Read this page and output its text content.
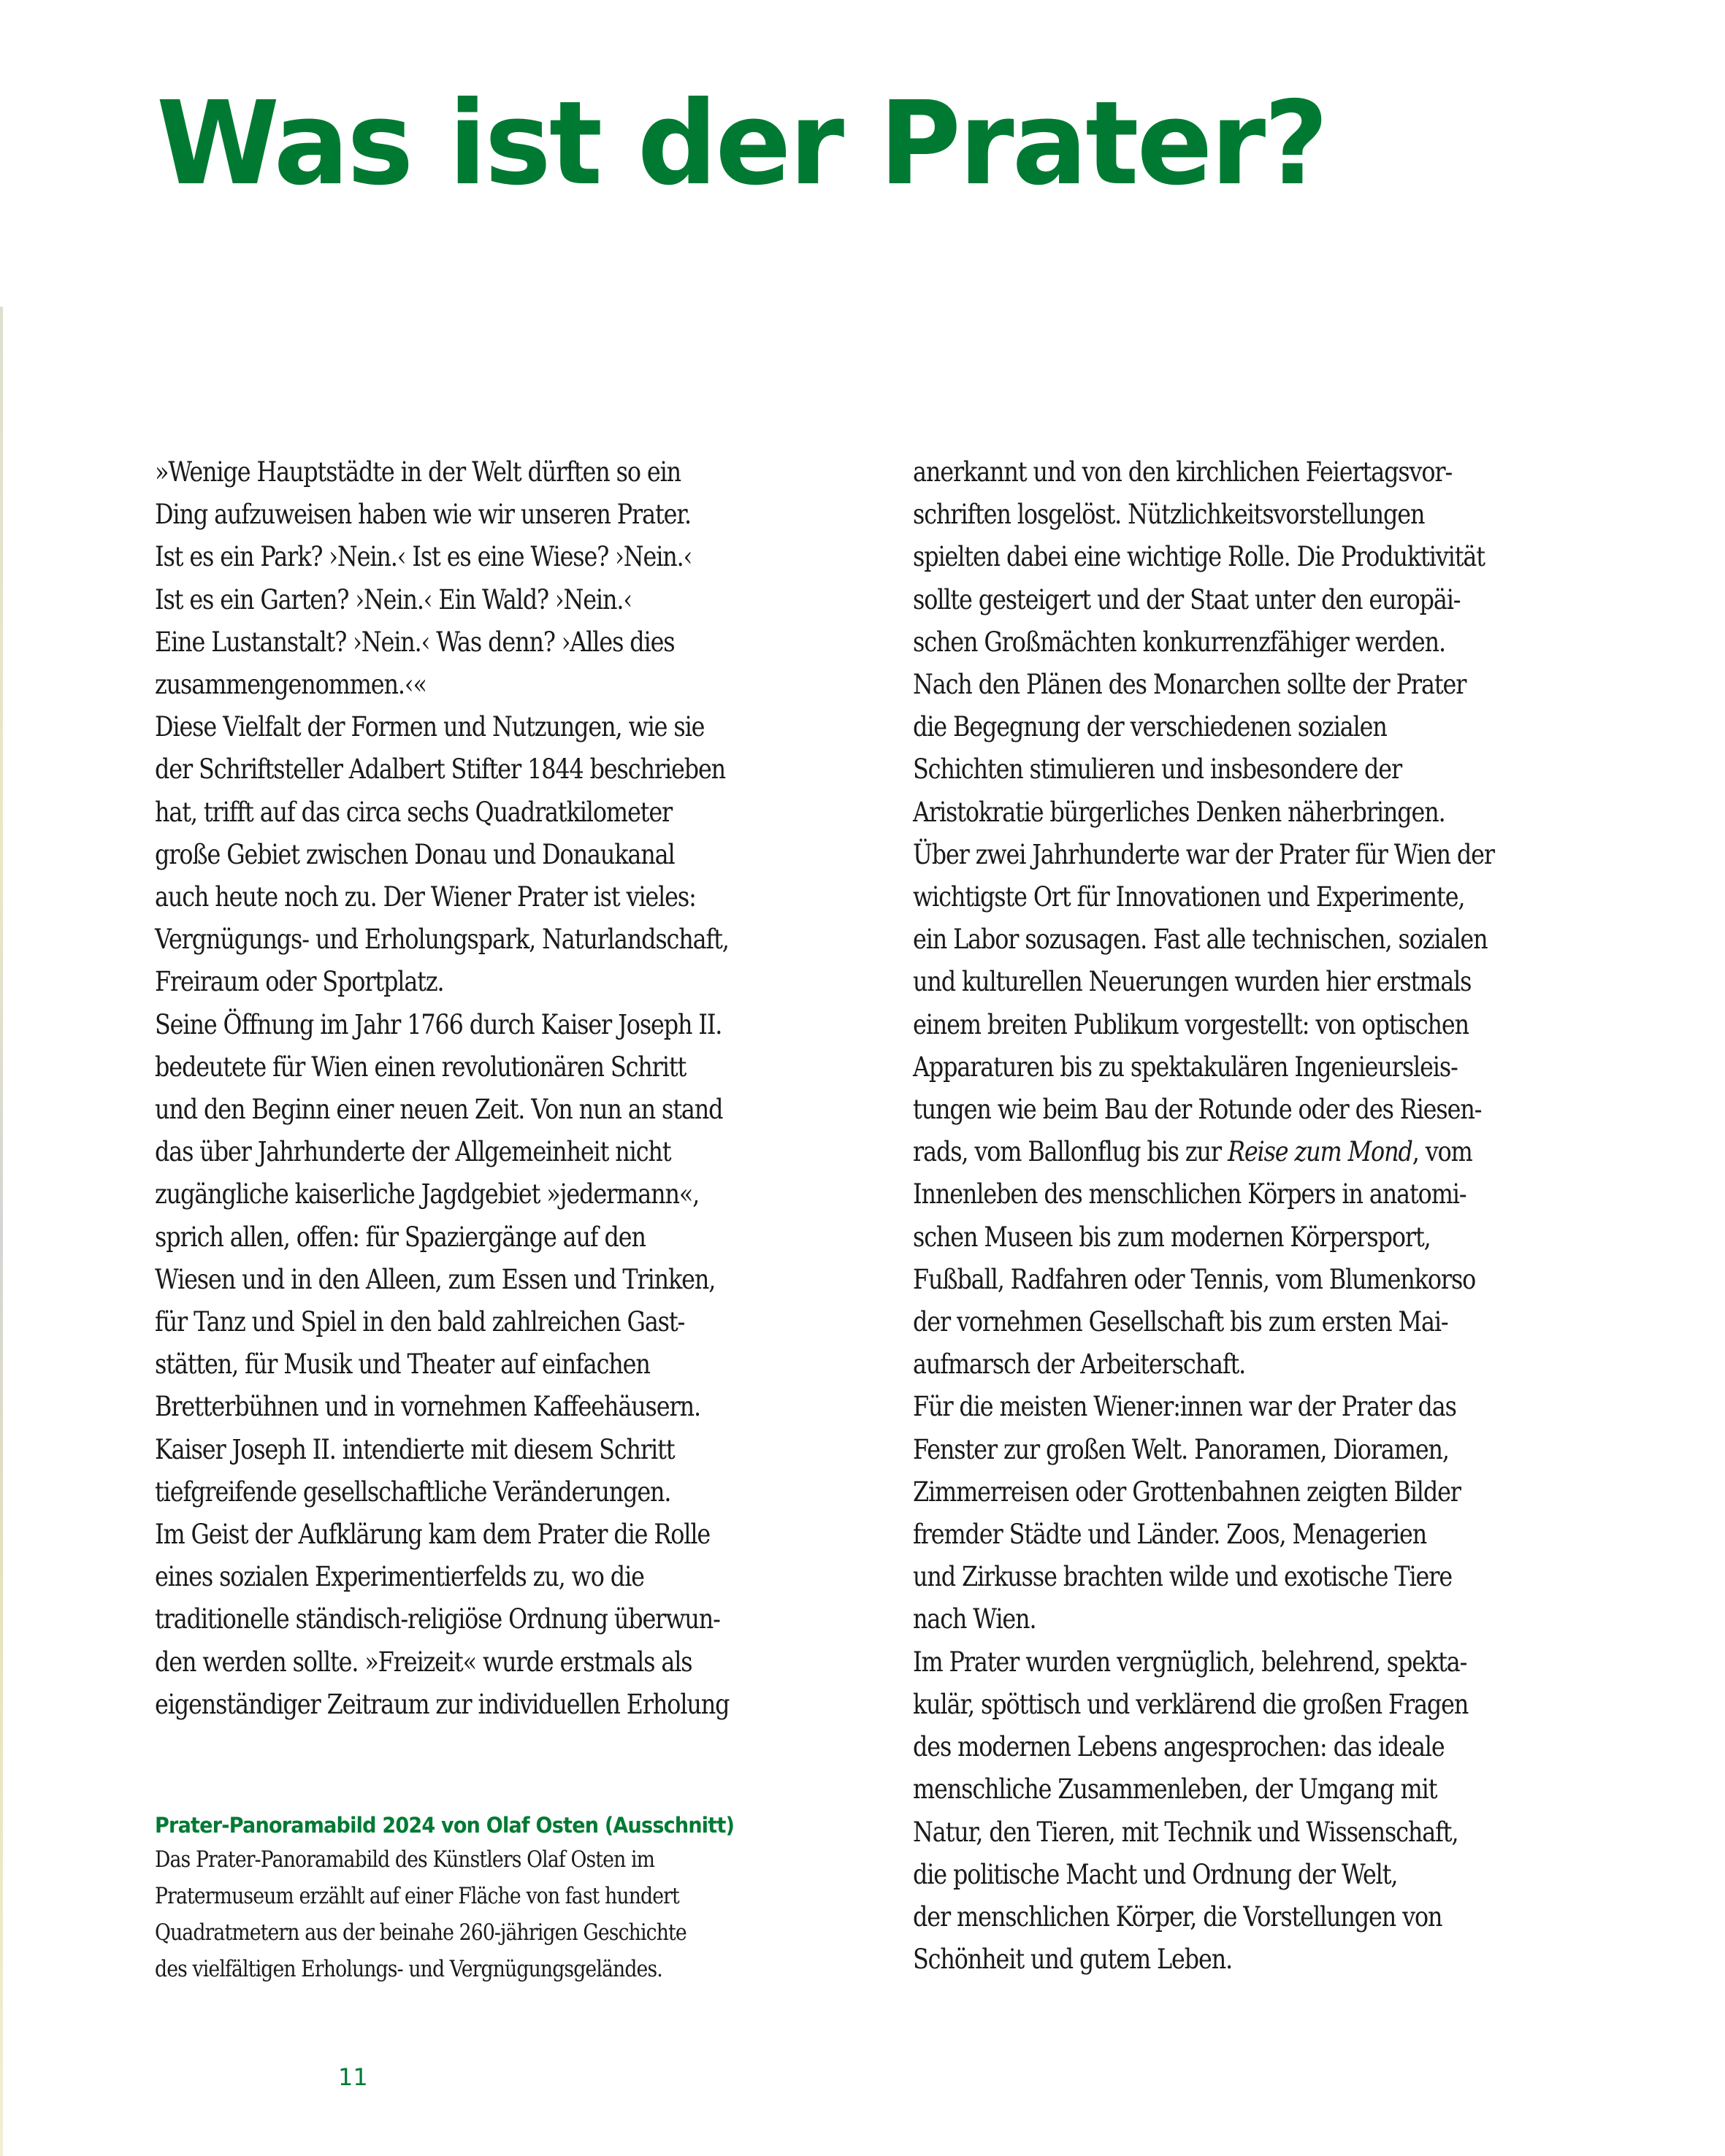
Was ist der Prater?
»Wenige Hauptstädte in der Welt dürften so ein
Ding aufzuweisen haben wie wir unseren Prater.
Ist es ein Park? ›Nein.‹ Ist es eine Wiese? ›Nein.‹
Ist es ein Garten? ›Nein.‹ Ein Wald? ›Nein.‹
Eine Lustanstalt? ›Nein.‹ Was denn? ›Alles dies
zusammengenommen.‹«
Diese Vielfalt der Formen und Nutzungen, wie sie
der Schriftsteller Adalbert Stifter 1844 beschrieben
hat, trifft auf das circa sechs Quadratkilometer
große Gebiet zwischen Donau und Donaukanal
auch heute noch zu. Der Wiener Prater ist vieles:
Vergnügungs- und Erholungspark, Naturlandschaft,
Freiraum oder Sportplatz.
Seine Öffnung im Jahr 1766 durch Kaiser Joseph II.
bedeutete für Wien einen revolutionären Schritt
und den Beginn einer neuen Zeit. Von nun an stand
das über Jahrhunderte der Allgemeinheit nicht
zugängliche kaiserliche Jagdgebiet »jedermann«,
sprich allen, offen: für Spaziergänge auf den
Wiesen und in den Alleen, zum Essen und Trinken,
für Tanz und Spiel in den bald zahlreichen Gast-
stätten, für Musik und Theater auf einfachen
Bretterbühnen und in vornehmen Kaffeehäusern.
Kaiser Joseph II. intendierte mit diesem Schritt
tiefgreifende gesellschaftliche Veränderungen.
Im Geist der Aufklärung kam dem Prater die Rolle
eines sozialen Experimentierfelds zu, wo die
traditionelle ständisch-religiöse Ordnung überwun-
den werden sollte. »Freizeit« wurde erstmals als
eigenständiger Zeitraum zur individuellen Erholung
anerkannt und von den kirchlichen Feiertagsvor-
schriften losgelöst. Nützlichkeitsvorstellungen
spielten dabei eine wichtige Rolle. Die Produktivität
sollte gesteigert und der Staat unter den europäi-
schen Großmächten konkurrenzfähiger werden.
Nach den Plänen des Monarchen sollte der Prater
die Begegnung der verschiedenen sozialen
Schichten stimulieren und insbesondere der
Aristokratie bürgerliches Denken näherbringen.
Über zwei Jahrhunderte war der Prater für Wien der
wichtigste Ort für Innovationen und Experimente,
ein Labor sozusagen. Fast alle technischen, sozialen
und kulturellen Neuerungen wurden hier erstmals
einem breiten Publikum vorgestellt: von optischen
Apparaturen bis zu spektakulären Ingenieursleis-
tungen wie beim Bau der Rotunde oder des Riesen-
rads, vom Ballonflug bis zur Reise zum Mond, vom
Innenleben des menschlichen Körpers in anatomi-
schen Museen bis zum modernen Körpersport,
Fußball, Radfahren oder Tennis, vom Blumenkorso
der vornehmen Gesellschaft bis zum ersten Mai-
aufmarsch der Arbeiterschaft.
Für die meisten Wiener:innen war der Prater das
Fenster zur großen Welt. Panoramen, Dioramen,
Zimmerreisen oder Grottenbahnen zeigten Bilder
fremder Städte und Länder. Zoos, Menagerien
und Zirkusse brachten wilde und exotische Tiere
nach Wien.
Im Prater wurden vergnüglich, belehrend, spekta-
kulär, spöttisch und verklärend die großen Fragen
des modernen Lebens angesprochen: das ideale
menschliche Zusammenleben, der Umgang mit
Natur, den Tieren, mit Technik und Wissenschaft,
die politische Macht und Ordnung der Welt,
der menschlichen Körper, die Vorstellungen von
Schönheit und gutem Leben.
Prater-Panoramabild 2024 von Olaf Osten (Ausschnitt)
Das Prater-Panoramabild des Künstlers Olaf Osten im
Pratermuseum erzählt auf einer Fläche von fast hundert
Quadratmetern aus der beinahe 260-jährigen Geschichte
des vielfältigen Erholungs- und Vergnügungsgeländes.
11
